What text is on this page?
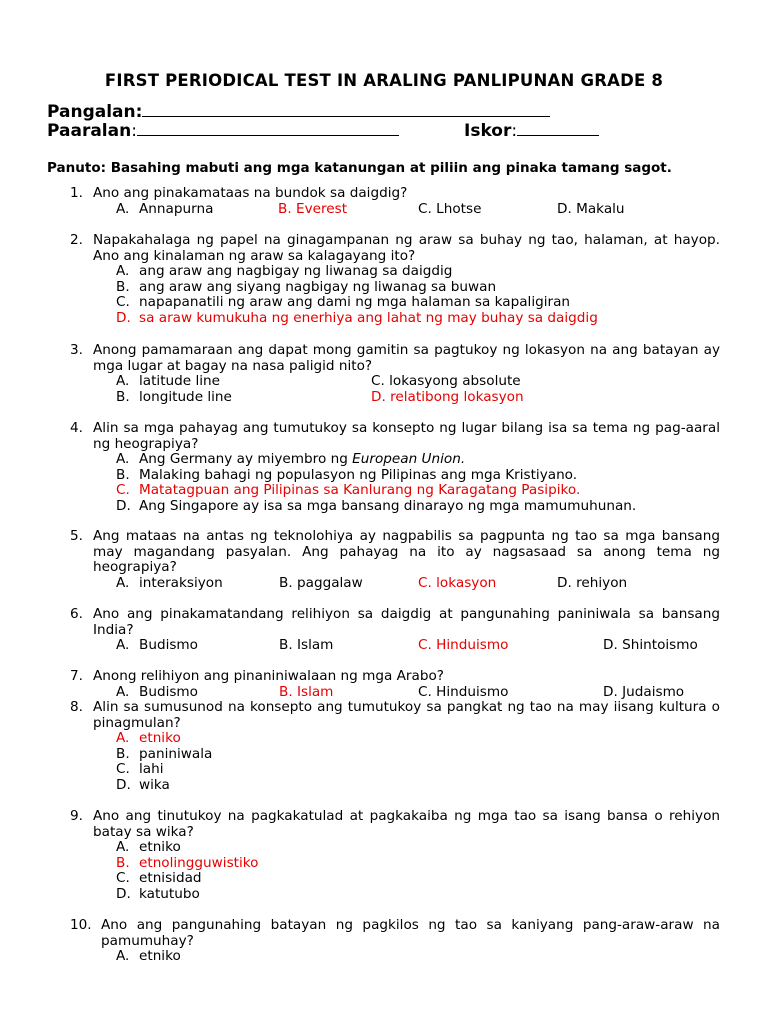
FIRST PERIODICAL TEST IN ARALING PANLIPUNAN GRADE 8
Pangalan:
Paaralan:	Iskor:
Panuto: Basahing mabuti ang mga katanungan at piliin ang pinaka tamang sagot.
1. Ano ang pinakamataas na bundok sa daigdig?
A. Annapurna	B. Everest	C. Lhotse	D. Makalu
2. Napakahalaga ng papel na ginagampanan ng araw sa buhay ng tao, halaman, at hayop. Ano ang kinalaman ng araw sa kalagayang ito?
A. ang araw ang nagbigay ng liwanag sa daigdig
B. ang araw ang siyang nagbigay ng liwanag sa buwan
C. napapanatili ng araw ang dami ng mga halaman sa kapaligiran
D. sa araw kumukuha ng enerhiya ang lahat ng may buhay sa daigdig
3. Anong pamamaraan ang dapat mong gamitin sa pagtukoy ng lokasyon na ang batayan ay mga lugar at bagay na nasa paligid nito?
A. latitude line	C. lokasyong absolute
B. longitude line	D. relatibong lokasyon
4. Alin sa mga pahayag ang tumutukoy sa konsepto ng lugar bilang isa sa tema ng pag-aaral ng heograpiya?
A. Ang Germany ay miyembro ng European Union.
B. Malaking bahagi ng populasyon ng Pilipinas ang mga Kristiyano.
C. Matatagpuan ang Pilipinas sa Kanlurang ng Karagatang Pasipiko.
D. Ang Singapore ay isa sa mga bansang dinarayo ng mga mamumuhunan.
5. Ang mataas na antas ng teknolohiya ay nagpabilis sa pagpunta ng tao sa mga bansang may magandang pasyalan. Ang pahayag na ito ay nagsasaad sa anong tema ng heograpiya?
A. interaksiyon	B. paggalaw	C. lokasyon	D. rehiyon
6. Ano ang pinakamatandang relihiyon sa daigdig at pangunahing paniniwala sa bansang India?
A. Budismo	B. Islam	C. Hinduismo	D. Shintoismo
7. Anong relihiyon ang pinaniniwalaan ng mga Arabo?
A. Budismo	B. Islam	C. Hinduismo	D. Judaismo
8. Alin sa sumusunod na konsepto ang tumutukoy sa pangkat ng tao na may iisang kultura o pinagmulan?
A. etniko
B. paniniwala
C. lahi
D. wika
9. Ano ang tinutukoy na pagkakatulad at pagkakaiba ng mga tao sa isang bansa o rehiyon batay sa wika?
A. etniko
B. etnolingguwistiko
C. etnisidad
D. katutubo
10. Ano ang pangunahing batayan ng pagkilos ng tao sa kaniyang pang-araw-araw na pamumuhay?
A. etniko
